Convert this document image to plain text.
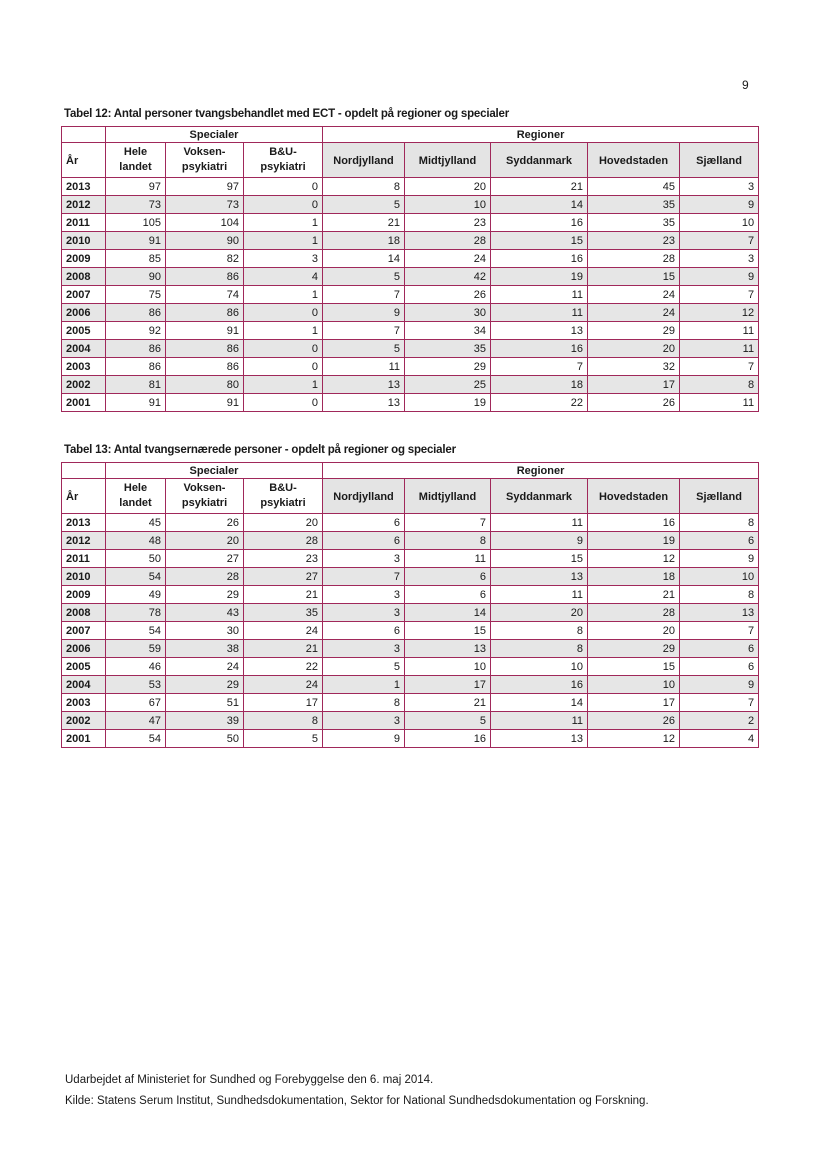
9
Tabel 12: Antal personer tvangsbehandlet med ECT - opdelt på regioner og specialer
	Specialer			Regioner				
År	Hele landet	Voksen- psykiatri	B&U- psykiatri	Nordjylland	Midtjylland	Syddanmark	Hovedstaden	Sjælland
2013	97	97	0	8	20	21	45	3
2012	73	73	0	5	10	14	35	9
2011	105	104	1	21	23	16	35	10
2010	91	90	1	18	28	15	23	7
2009	85	82	3	14	24	16	28	3
2008	90	86	4	5	42	19	15	9
2007	75	74	1	7	26	11	24	7
2006	86	86	0	9	30	11	24	12
2005	92	91	1	7	34	13	29	11
2004	86	86	0	5	35	16	20	11
2003	86	86	0	11	29	7	32	7
2002	81	80	1	13	25	18	17	8
2001	91	91	0	13	19	22	26	11
Tabel 13: Antal tvangsernærede personer - opdelt på regioner og specialer
	Specialer			Regioner				
År	Hele landet	Voksen- psykiatri	B&U- psykiatri	Nordjylland	Midtjylland	Syddanmark	Hovedstaden	Sjælland
2013	45	26	20	6	7	11	16	8
2012	48	20	28	6	8	9	19	6
2011	50	27	23	3	11	15	12	9
2010	54	28	27	7	6	13	18	10
2009	49	29	21	3	6	11	21	8
2008	78	43	35	3	14	20	28	13
2007	54	30	24	6	15	8	20	7
2006	59	38	21	3	13	8	29	6
2005	46	24	22	5	10	10	15	6
2004	53	29	24	1	17	16	10	9
2003	67	51	17	8	21	14	17	7
2002	47	39	8	3	5	11	26	2
2001	54	50	5	9	16	13	12	4
Udarbejdet af Ministeriet for Sundhed og Forebyggelse den 6. maj 2014.
Kilde: Statens Serum Institut, Sundhedsdokumentation, Sektor for National Sundhedsdokumentation og Forskning.
